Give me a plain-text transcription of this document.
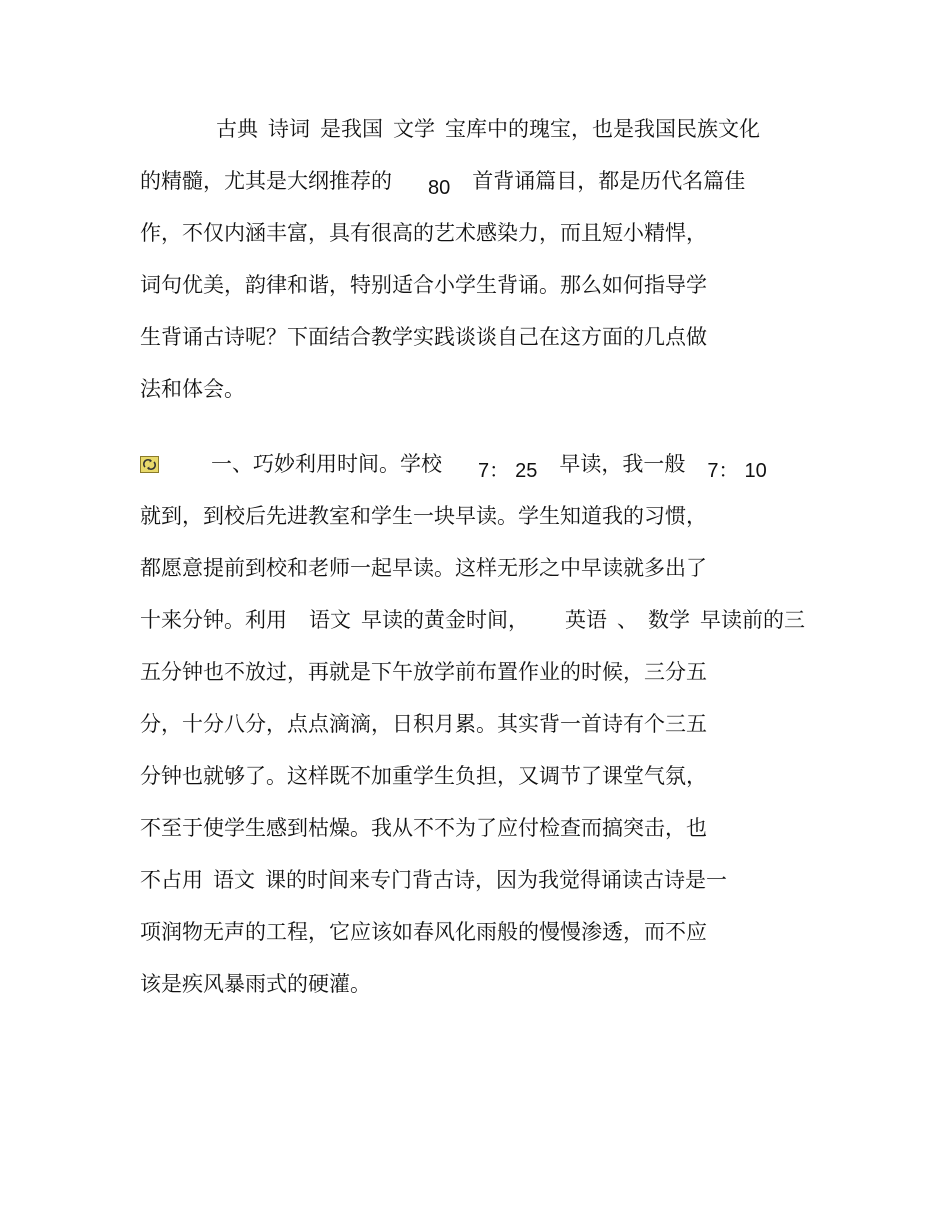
古典 诗词 是我国 文学 宝库中的瑰宝，也是我国民族文化
的精髓，尤其是大纲推荐的 80 首背诵篇目，都是历代名篇佳
作，不仅内涵丰富，具有很高的艺术感染力，而且短小精悍，
词句优美，韵律和谐，特别适合小学生背诵。那么如何指导学
生背诵古诗呢？下面结合教学实践谈谈自己在这方面的几点做
法和体会。
一、巧妙利用时间。学校 7： 25 早读，我一般 7： 10
就到，到校后先进教室和学生一块早读。学生知道我的习惯，
都愿意提前到校和老师一起早读。这样无形之中早读就多出了
十来分钟。利用 语文 早读的黄金时间， 英语 、 数学 早读前的三
五分钟也不放过，再就是下午放学前布置作业的时候，三分五
分，十分八分，点点滴滴，日积月累。其实背一首诗有个三五
分钟也就够了。这样既不加重学生负担，又调节了课堂气氛，
不至于使学生感到枯燥。我从不不为了应付检查而搞突击，也
不占用 语文 课的时间来专门背古诗，因为我觉得诵读古诗是一
项润物无声的工程，它应该如春风化雨般的慢慢渗透，而不应
该是疾风暴雨式的硬灌。
